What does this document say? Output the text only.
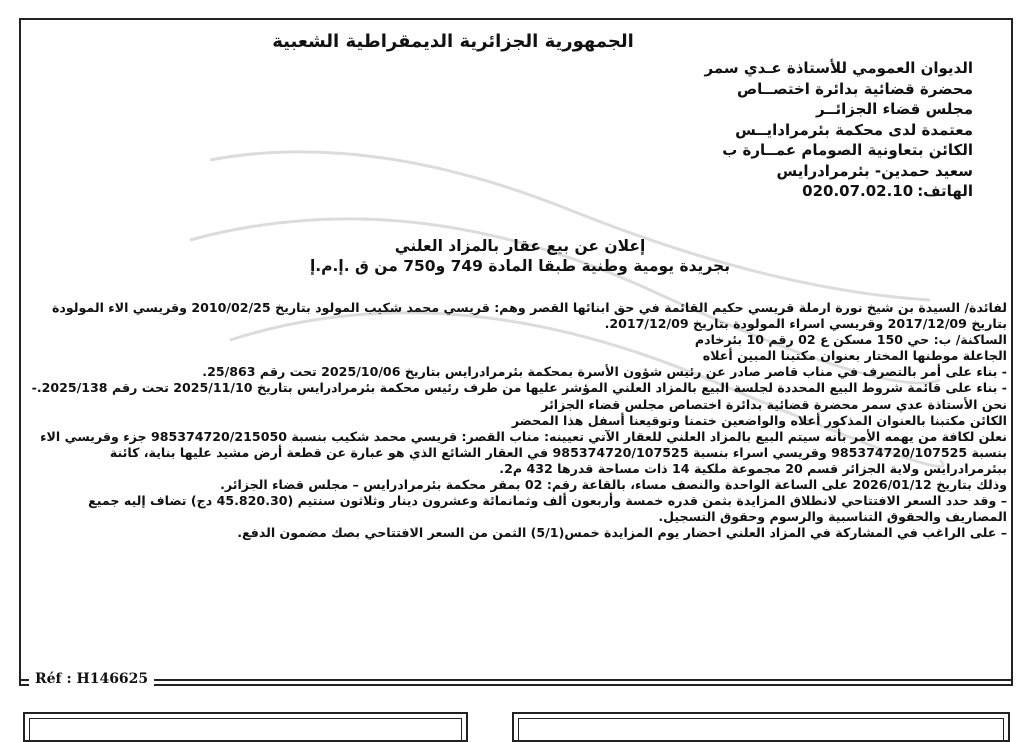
الجمهورية الجزائرية الديمقراطية الشعبية
الديوان العمومي للأستاذة عـدي سمر
محضرة قضائية بدائرة اختصــاص
مجلس قضاء الجزائــر
معتمدة لدى محكمة بئرمرادايــس
الكائن بتعاونية الصومام عمــارة ب
سعيد حمدين- بئرمرادرايس
الهاتف:020.07.02.10
إعلان عن بيع عقار بالمزاد العلني
بجريدة يومية وطنية طبقا المادة 749 و750 من ق .إ.م.إ

لفائدة/ السيدة بن شيخ نورة ارملة قريسي حكيم القائمة في حق ابنائها القصر وهم: قريسي محمد شكيب المولود بتاريخ 2010/02/25 وقريسي الاء المولودة بتاريخ 2017/12/09 وقريسي اسراء المولودة بتاريخ 2017/12/09.

الساكنة/ ب: حي 150 مسكن ع 02 رقم 10 بئرخادم

الجاعلة موطنها المختار بعنوان مكتبنا المبين أعلاه

- بناء على أمر بالتصرف في مناب قاصر صادر عن رئيس شؤون الأسرة بمحكمة بئرمرادرايس بتاريخ 2025/10/06 تحت رقم 25/863.

- بناء على قائمة شروط البيع المحددة لجلسة البيع بالمزاد العلني المؤشر عليها من طرف رئيس محكمة بئرمرادرايس بتاريخ 2025/11/10 تحت رقم 2025/138.- نحن الأستاذة عدي سمر محضرة قضائية بدائرة اختصاص مجلس قضاء الجزائر

الكائن مكتبنا بالعنوان المذكور أعلاه والواضعين ختمنا وتوقيعنا أسفل هذا المحضر

نعلن لكافة من يهمه الأمر بأنه سيتم البيع بالمزاد العلني للعقار الآتي تعيينه: مناب القصر: قريسي محمد شكيب بنسبة 985374720/215050 جزء وقريسي الاء بنسبة 985374720/107525 وقريسي اسراء بنسبة 985374720/107525 في العقار الشائع الذي هو عبارة عن قطعة أرض مشيد عليها بناية، كائنة ببئرمرادرايس ولاية الجزائر قسم 20 مجموعة ملكية 14 ذات مساحة قدرها 432 م2.

وذلك بتاريخ 2026/01/12 على الساعة الواحدة والنصف مساء، بالقاعة رقم: 02 بمقر محكمة بئرمرادرايس – مجلس قضاء الجزائر.

– وقد حدد السعر الافتتاحي لانطلاق المزايدة بثمن قدره خمسة وأربعون ألف وثمانمائة وعشرون دينار وثلاثون سنتيم (45.820.30 دج) تضاف إليه جميع المصاريف والحقوق التناسبية والرسوم وحقوق التسجيل.

– على الراغب في المشاركة في المزاد العلني احضار يوم المزايدة خمس(5/1) الثمن من السعر الافتتاحي بصك مضمون الدفع.

Réf : H146625
